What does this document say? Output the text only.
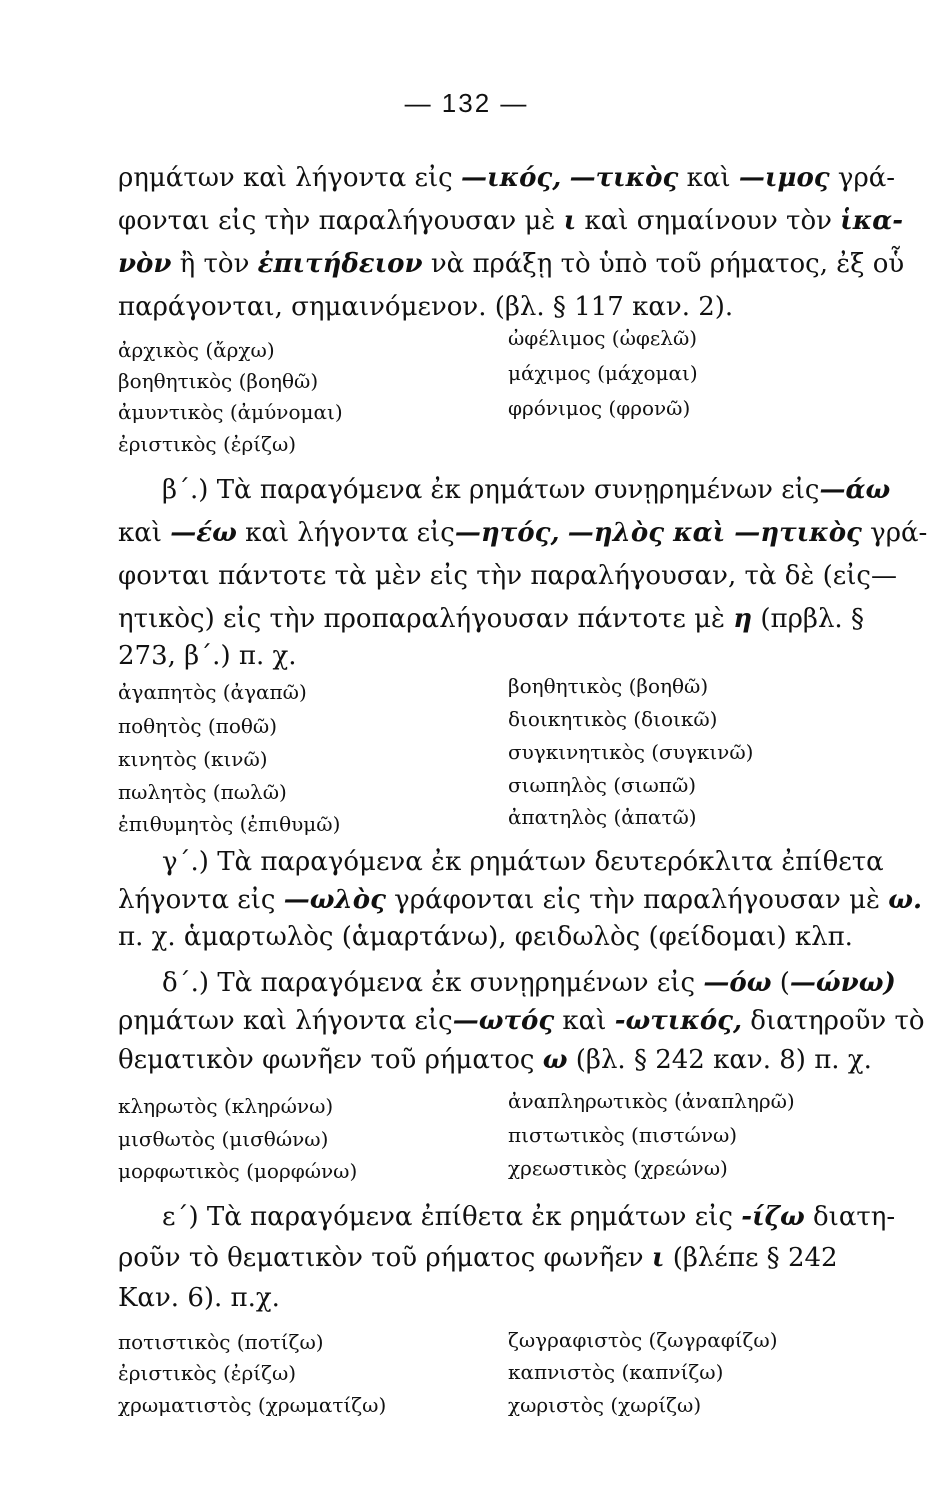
— 132 —
ρημάτων καὶ λήγοντα εἰς —ικός, —τικὸς καὶ —ιμος γρά-
φονται εἰς τὴν παραλήγουσαν μὲ ι καὶ σημαίνουν τὸν ἱκα-
νὸν ἢ τὸν ἐπιτήδειον νὰ πράξῃ τὸ ὑπὸ τοῦ ρήματος, ἐξ οὗ
παράγονται, σημαινόμενον. (βλ. § 117 καν. 2).
ἀρχικὸς (ἄρχω)
βοηθητικὸς (βοηθῶ)
ἀμυντικὸς (ἀμύνομαι)
ἐριστικὸς (ἐρίζω)
ὠφέλιμος (ὠφελῶ)
μάχιμος (μάχομαι)
φρόνιμος (φρονῶ)
β΄.) Τὰ παραγόμενα ἐκ ρημάτων συνῃρημένων εἰς—άω
καὶ —έω καὶ λήγοντα εἰς—ητός, —ηλὸς καὶ —ητικὸς γρά-
φονται πάντοτε τὰ μὲν εἰς τὴν παραλήγουσαν, τὰ δὲ (εἰς—
ητικὸς) εἰς τὴν προπαραλήγουσαν πάντοτε μὲ η (πρβλ. §
273, β΄.) π. χ.
ἀγαπητὸς (ἀγαπῶ)
ποθητὸς (ποθῶ)
κινητὸς (κινῶ)
πωλητὸς (πωλῶ)
ἐπιθυμητὸς (ἐπιθυμῶ)
βοηθητικὸς (βοηθῶ)
διοικητικὸς (διοικῶ)
συγκινητικὸς (συγκινῶ)
σιωπηλὸς (σιωπῶ)
ἀπατηλὸς (ἀπατῶ)
γ΄.) Τὰ παραγόμενα ἐκ ρημάτων δευτερόκλιτα ἐπίθετα
λήγοντα εἰς —ωλὸς γράφονται εἰς τὴν παραλήγουσαν μὲ ω.
π. χ. ἁμαρτωλὸς (ἁμαρτάνω), φειδωλὸς (φείδομαι) κλπ.
δ΄.) Τὰ παραγόμενα ἐκ συνῃρημένων εἰς —όω (—ώνω)
ρημάτων καὶ λήγοντα εἰς—ωτός καὶ -ωτικός, διατηροῦν τὸ
θεματικὸν φωνῆεν τοῦ ρήματος ω (βλ. § 242 καν. 8) π. χ.
κληρωτὸς (κληρώνω)
μισθωτὸς (μισθώνω)
μορφωτικὸς (μορφώνω)
ἀναπληρωτικὸς (ἀναπληρῶ)
πιστωτικὸς (πιστώνω)
χρεωστικὸς (χρεώνω)
ε΄) Τὰ παραγόμενα ἐπίθετα ἐκ ρημάτων εἰς -ίζω διατη-
ροῦν τὸ θεματικὸν τοῦ ρήματος φωνῆεν ι (βλέπε § 242
Καν. 6). π.χ.
ποτιστικὸς (ποτίζω)
ἐριστικὸς (ἐρίζω)
χρωματιστὸς (χρωματίζω)
ζωγραφιστὸς (ζωγραφίζω)
καπνιστὸς (καπνίζω)
χωριστὸς (χωρίζω)
